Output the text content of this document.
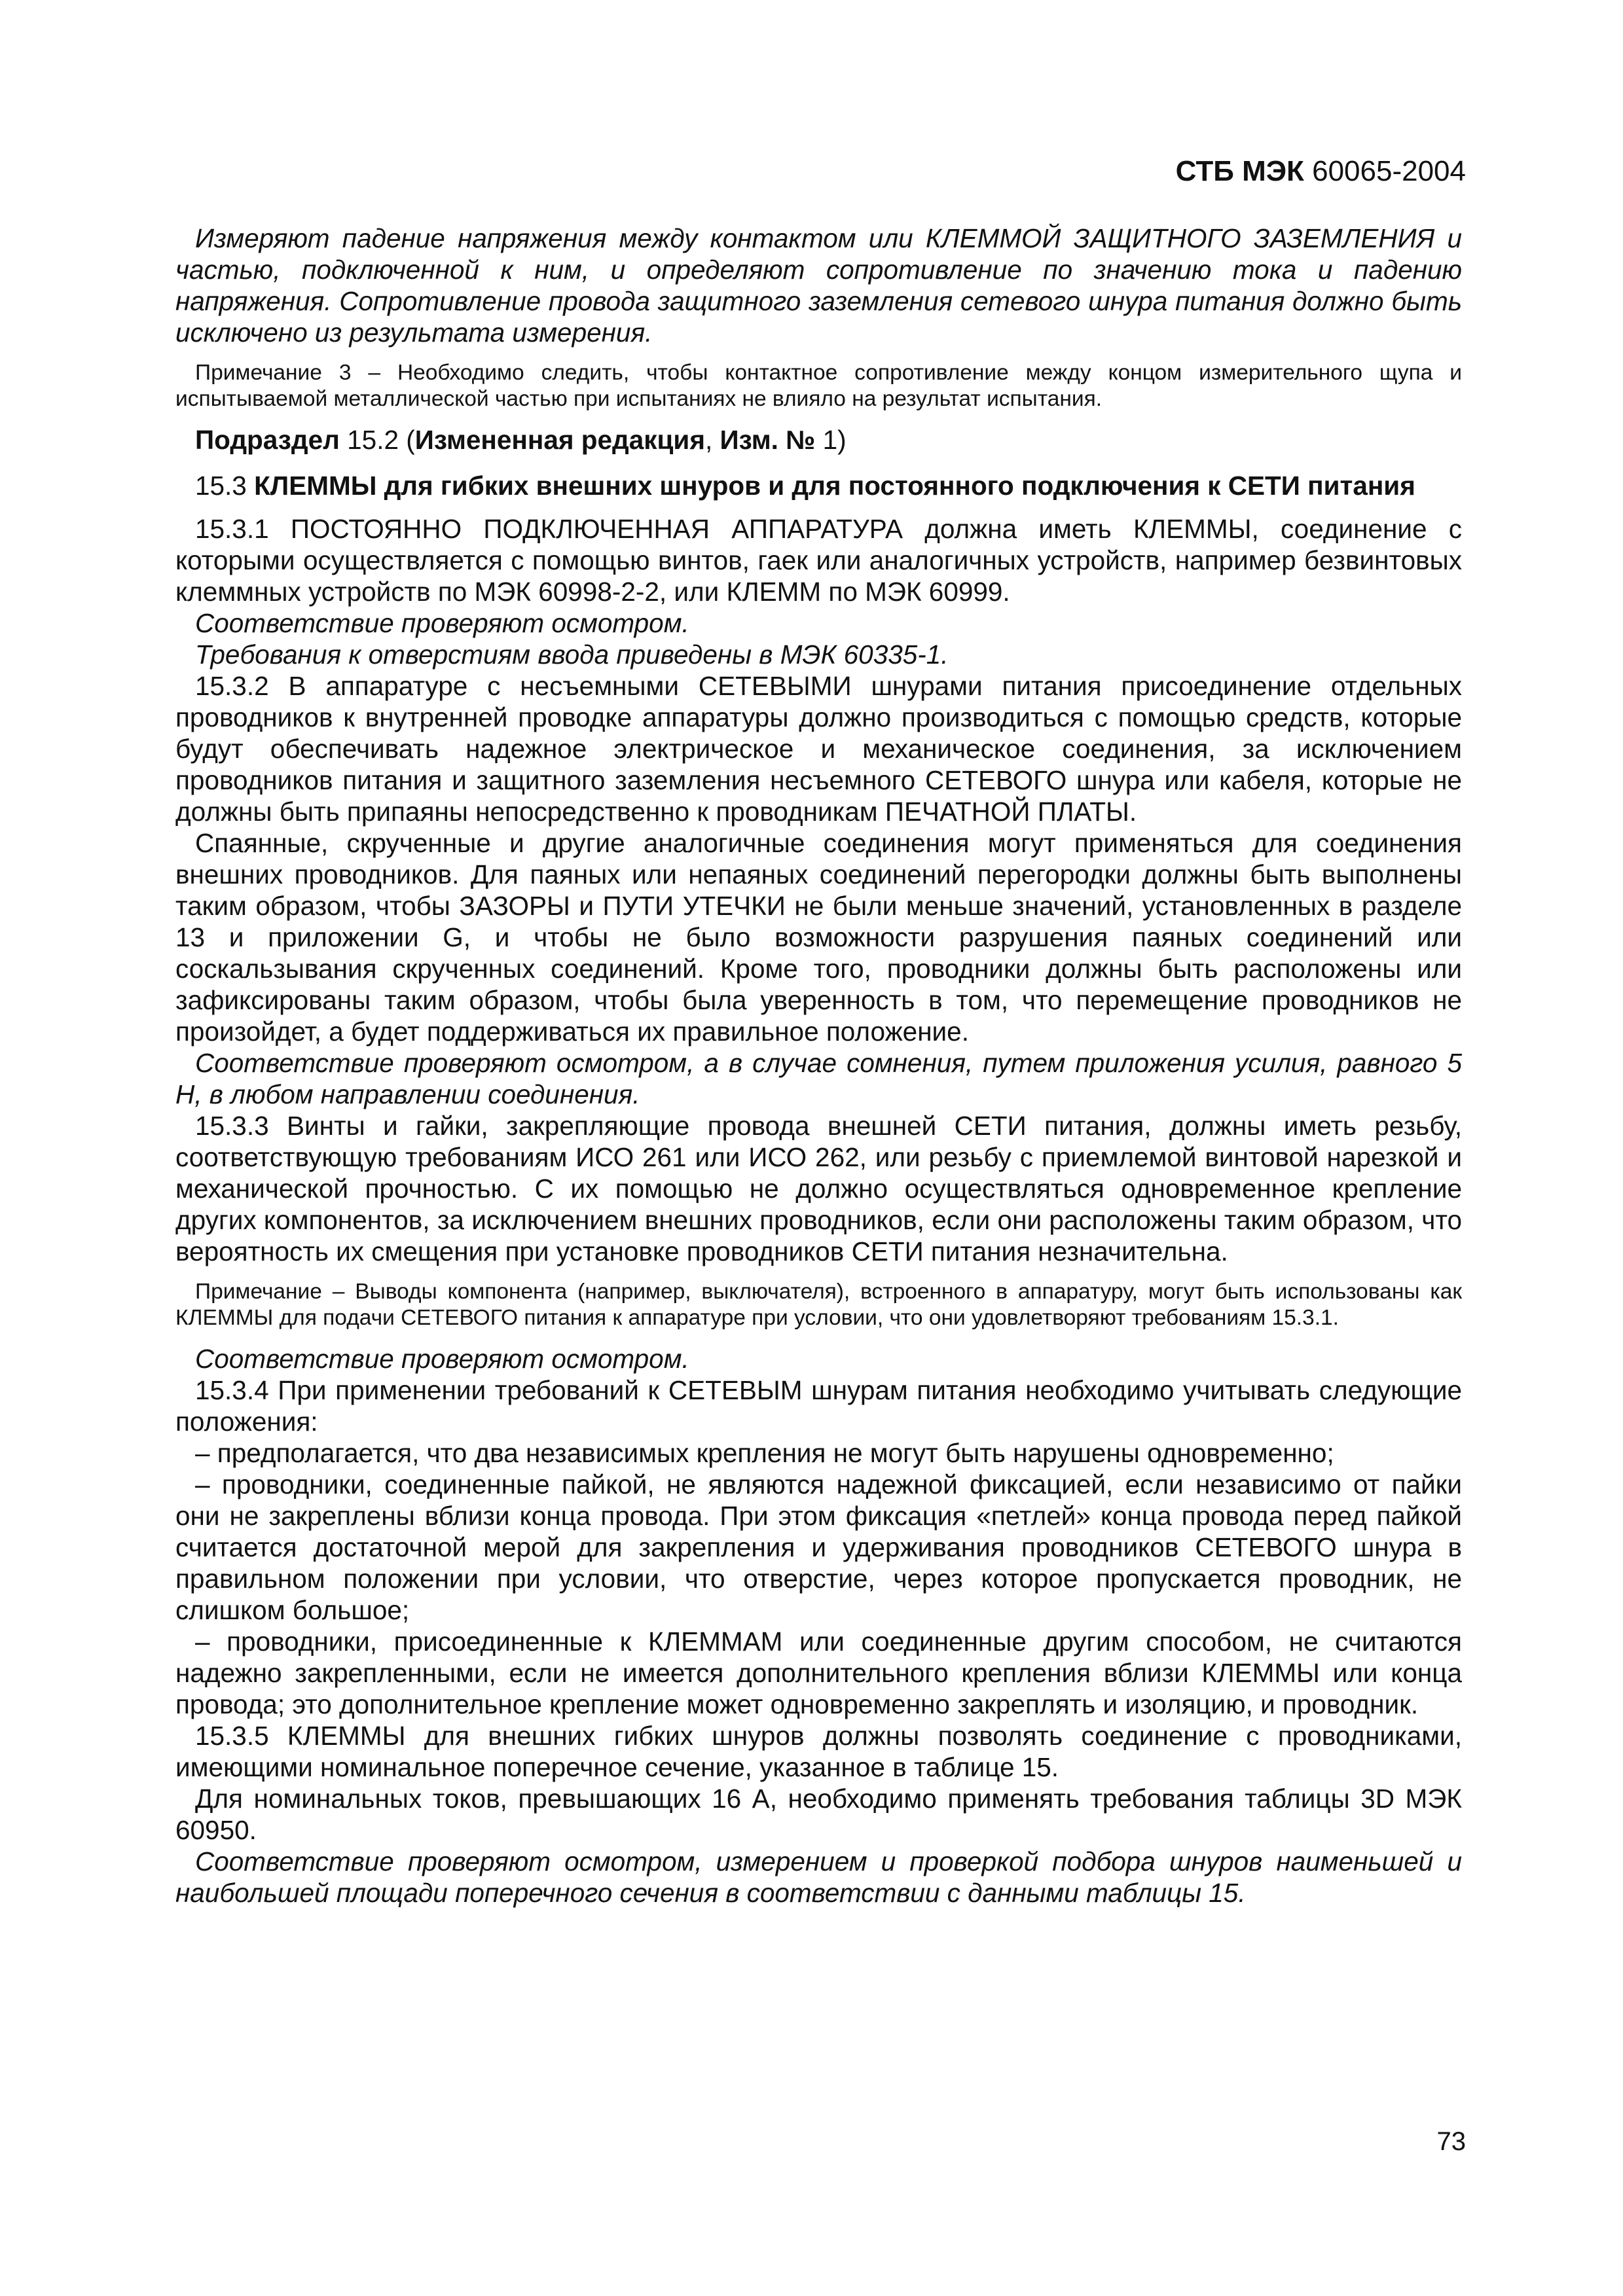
СТБ МЭК 60065-2004

Измеряют падение напряжения между контактом или КЛЕММОЙ ЗАЩИТНОГО ЗАЗЕМЛЕНИЯ и частью, подключенной к ним, и определяют сопротивление по значению тока и падению напряжения. Сопротивление провода защитного заземления сетевого шнура питания должно быть исключено из результата измерения.

Примечание 3 – Необходимо следить, чтобы контактное сопротивление между концом измерительного щупа и испытываемой металлической частью при испытаниях не влияло на результат испытания.

Подраздел 15.2 (Измененная редакция, Изм. № 1)

15.3 КЛЕММЫ для гибких внешних шнуров и для постоянного подключения к СЕТИ питания

15.3.1 ПОСТОЯННО ПОДКЛЮЧЕННАЯ АППАРАТУРА должна иметь КЛЕММЫ, соединение с которыми осуществляется с помощью винтов, гаек или аналогичных устройств, например безвинтовых клеммных устройств по МЭК 60998-2-2, или КЛЕММ по МЭК 60999.

Соответствие проверяют осмотром.

Требования к отверстиям ввода приведены в МЭК 60335-1.

15.3.2 В аппаратуре с несъемными СЕТЕВЫМИ шнурами питания присоединение отдельных проводников к внутренней проводке аппаратуры должно производиться с помощью средств, которые будут обеспечивать надежное электрическое и механическое соединения, за исключением проводников питания и защитного заземления несъемного СЕТЕВОГО шнура или кабеля, которые не должны быть припаяны непосредственно к проводникам ПЕЧАТНОЙ ПЛАТЫ.

Спаянные, скрученные и другие аналогичные соединения могут применяться для соединения внешних проводников. Для паяных или непаяных соединений перегородки должны быть выполнены таким образом, чтобы ЗАЗОРЫ и ПУТИ УТЕЧКИ не были меньше значений, установленных в разделе 13 и приложении G, и чтобы не было возможности разрушения паяных соединений или соскальзывания скрученных соединений. Кроме того, проводники должны быть расположены или зафиксированы таким образом, чтобы была уверенность в том, что перемещение проводников не произойдет, а будет поддерживаться их правильное положение.

Соответствие проверяют осмотром, а в случае сомнения, путем приложения усилия, равного 5 Н, в любом направлении соединения.

15.3.3 Винты и гайки, закрепляющие провода внешней СЕТИ питания, должны иметь резьбу, соответствующую требованиям ИСО 261 или ИСО 262, или резьбу с приемлемой винтовой нарезкой и механической прочностью. С их помощью не должно осуществляться одновременное крепление других компонентов, за исключением внешних проводников, если они расположены таким образом, что вероятность их смещения при установке проводников СЕТИ питания незначительна.

Примечание – Выводы компонента (например, выключателя), встроенного в аппаратуру, могут быть использованы как КЛЕММЫ для подачи СЕТЕВОГО питания к аппаратуре при условии, что они удовлетворяют требованиям 15.3.1.

Соответствие проверяют осмотром.

15.3.4 При применении требований к СЕТЕВЫМ шнурам питания необходимо учитывать следующие положения:

– предполагается, что два независимых крепления не могут быть нарушены одновременно;

– проводники, соединенные пайкой, не являются надежной фиксацией, если независимо от пайки они не закреплены вблизи конца провода. При этом фиксация «петлей» конца провода перед пайкой считается достаточной мерой для закрепления и удерживания проводников СЕТЕВОГО шнура в правильном положении при условии, что отверстие, через которое пропускается проводник, не слишком большое;

– проводники, присоединенные к КЛЕММАМ или соединенные другим способом, не считаются надежно закрепленными, если не имеется дополнительного крепления вблизи КЛЕММЫ или конца провода; это дополнительное крепление может одновременно закреплять и изоляцию, и проводник.

15.3.5 КЛЕММЫ для внешних гибких шнуров должны позволять соединение с проводниками, имеющими номинальное поперечное сечение, указанное в таблице 15.

Для номинальных токов, превышающих 16 А, необходимо применять требования таблицы 3D МЭК 60950.

Соответствие проверяют осмотром, измерением и проверкой подбора шнуров наименьшей и наибольшей площади поперечного сечения в соответствии с данными таблицы 15.

73
